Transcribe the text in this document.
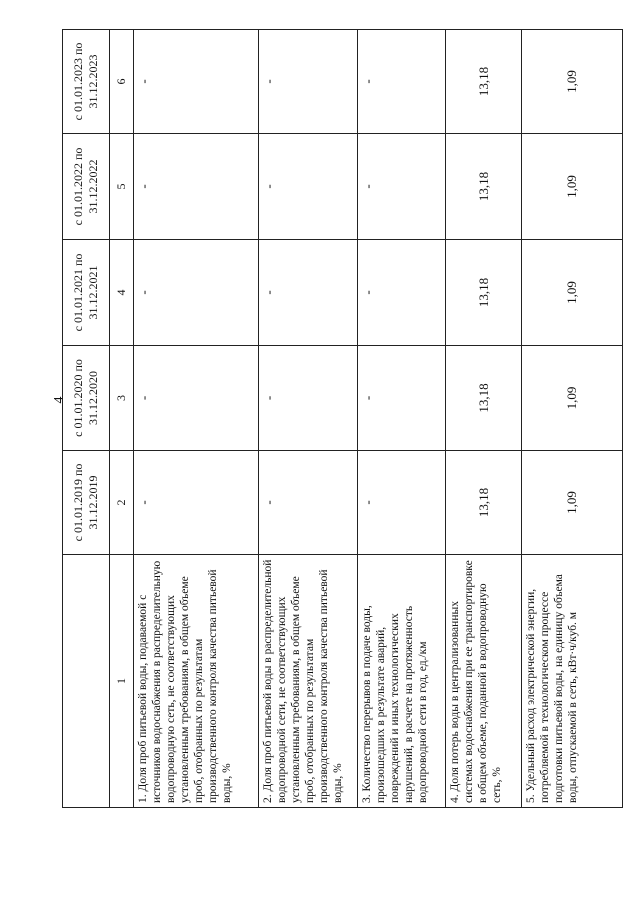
4
	с 01.01.2019 по 31.12.2019	с 01.01.2020 по 31.12.2020	с 01.01.2021 по 31.12.2021	с 01.01.2022 по 31.12.2022	с 01.01.2023 по 31.12.2023
1	2	3	4	5	6
1. Доля проб питьевой воды, подаваемой с источников водоснабжения в распределительную водопроводную сеть, не соответствующих установленным требованиям, в общем объеме проб, отобранных по результатам производственного контроля качества питьевой воды, %	-	-	-	-	-
2. Доля проб питьевой воды в распределительной водопроводной сети, не соответствующих установленным требованиям, в общем объеме проб, отобранных по результатам производственного контроля качества питьевой воды, %	-	-	-	-	-
3. Количество перерывов в подаче воды, произошедших в результате аварий, повреждений и иных технологических нарушений, в расчете на протяженность водопроводной сети в год, ед./км	-	-	-	-	-
4. Доля потерь воды в централизованных системах водоснабжения при ее транспортировке в общем объеме, поданной в водопроводную сеть, %	13,18	13,18	13,18	13,18	13,18
5. Удельный расход электрической энергии, потребляемой в технологическом процессе подготовки питьевой воды, на единицу объема воды, отпускаемой в сеть, кВт·ч/куб. м	1,09	1,09	1,09	1,09	1,09
